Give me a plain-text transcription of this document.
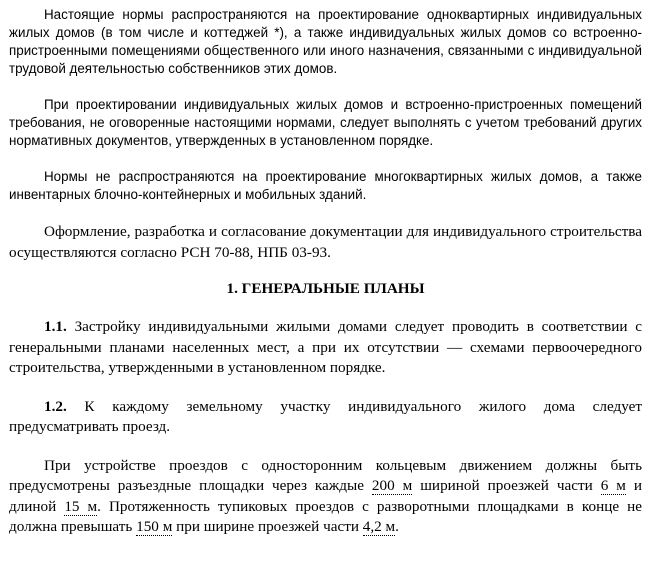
Настоящие нормы распространяются на проектирование одноквартирных индивидуальных жилых домов (в том числе и коттеджей *), а также индивидуальных жилых домов со встроенно-пристроенными помещениями общественного или иного назначения, связанными с индивидуальной трудовой деятельностью собственников этих домов.

При проектировании индивидуальных жилых домов и встроенно-пристроенных помещений требования, не оговоренные настоящими нормами, следует выполнять с учетом требований других нормативных документов, утвержденных в установленном порядке.

Нормы не распространяются на проектирование многоквартирных жилых домов, а также инвентарных блочно-контейнерных и мобильных зданий.

Оформление, разработка и согласование документации для индивидуального строительства осуществляются согласно РСН 70-88, НПБ 03-93.

1. ГЕНЕРАЛЬНЫЕ ПЛАНЫ

1.1. Застройку индивидуальными жилыми домами следует проводить в соответствии с генеральными планами населенных мест, а при их отсутствии — схемами первоочередного строительства, утвержденными в установленном порядке.

1.2. К каждому земельному участку индивидуального жилого дома следует предусматривать проезд.

При устройстве проездов с односторонним кольцевым движением должны быть предусмотрены разъездные площадки через каждые 200 м шириной проезжей части 6 м и длиной 15 м. Протяженность тупиковых проездов с разворотными площадками в конце не должна превышать 150 м при ширине проезжей части 4,2 м.
